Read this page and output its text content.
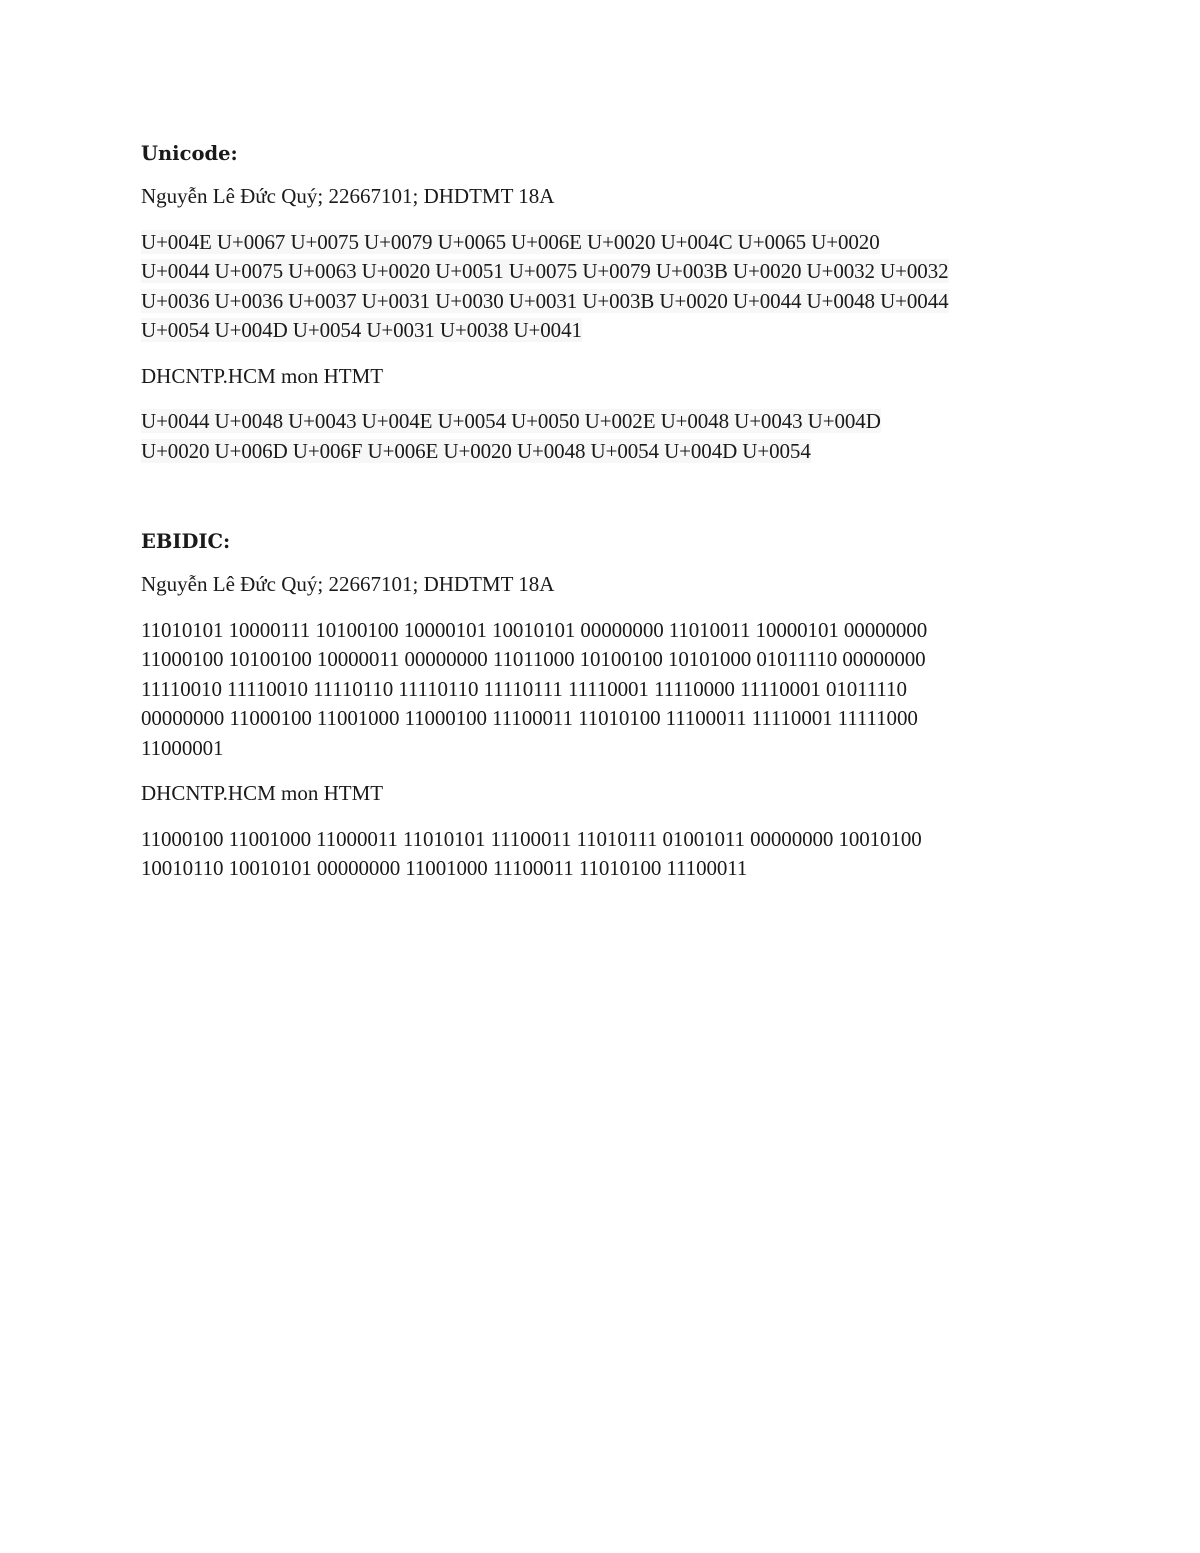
Unicode:

Nguyễn Lê Đức Quý; 22667101; DHDTMT 18A

U+004E U+0067 U+0075 U+0079 U+0065 U+006E U+0020 U+004C U+0065 U+0020

U+0044 U+0075 U+0063 U+0020 U+0051 U+0075 U+0079 U+003B U+0020 U+0032 U+0032

U+0036 U+0036 U+0037 U+0031 U+0030 U+0031 U+003B U+0020 U+0044 U+0048 U+0044

U+0054 U+004D U+0054 U+0031 U+0038 U+0041

DHCNTP.HCM mon HTMT

U+0044 U+0048 U+0043 U+004E U+0054 U+0050 U+002E U+0048 U+0043 U+004D

U+0020 U+006D U+006F U+006E U+0020 U+0048 U+0054 U+004D U+0054

EBIDIC:

Nguyễn Lê Đức Quý; 22667101; DHDTMT 18A

11010101 10000111 10100100 10000101 10010101 00000000 11010011 10000101 00000000

11000100 10100100 10000011 00000000 11011000 10100100 10101000 01011110 00000000

11110010 11110010 11110110 11110110 11110111 11110001 11110000 11110001 01011110

00000000 11000100 11001000 11000100 11100011 11010100 11100011 11110001 11111000

11000001

DHCNTP.HCM mon HTMT

11000100 11001000 11000011 11010101 11100011 11010111 01001011 00000000 10010100

10010110 10010101 00000000 11001000 11100011 11010100 11100011
